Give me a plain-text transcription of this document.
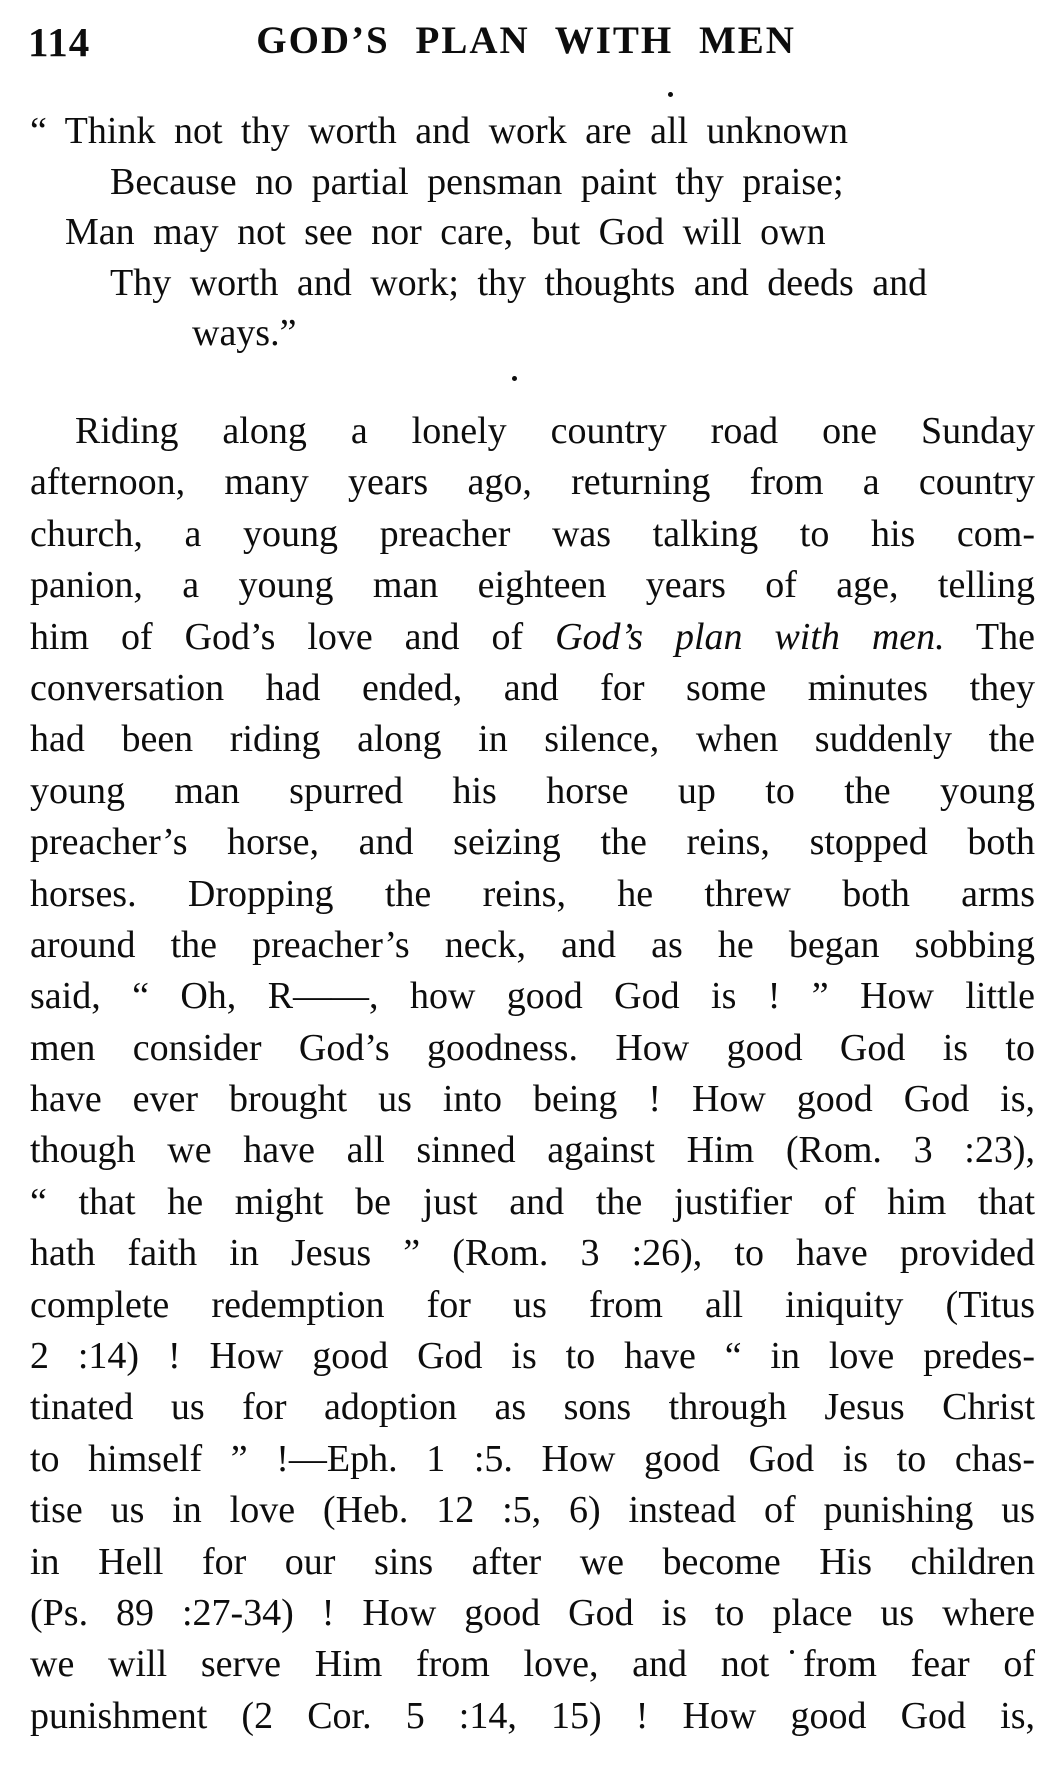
114	GOD’S PLAN WITH MEN
“ Think not thy worth and work are all unknown
Because no partial pensman paint thy praise;
Man may not see nor care, but God will own
Thy worth and work; thy thoughts and deeds and
ways.”
Riding along a lonely country road one Sunday
afternoon, many years ago, returning from a country
church, a young preacher was talking to his com-
panion, a young man eighteen years of age, telling
him of God’s love and of God’s plan with men. The
conversation had ended, and for some minutes they
had been riding along in silence, when suddenly the
young man spurred his horse up to the young
preacher’s horse, and seizing the reins, stopped both
horses. Dropping the reins, he threw both arms
around the preacher’s neck, and as he began sobbing
said, “ Oh, R——, how good God is ! ” How little
men consider God’s goodness. How good God is to
have ever brought us into being ! How good God is,
though we have all sinned against Him (Rom. 3 :23),
“ that he might be just and the justifier of him that
hath faith in Jesus ” (Rom. 3 :26), to have provided
complete redemption for us from all iniquity (Titus
2 :14) ! How good God is to have “ in love predes-
tinated us for adoption as sons through Jesus Christ
to himself ” !—Eph. 1 :5. How good God is to chas-
tise us in love (Heb. 12 :5, 6) instead of punishing us
in Hell for our sins after we become His children
(Ps. 89 :27-34) ! How good God is to place us where
we will serve Him from love, and not from fear of
punishment (2 Cor. 5 :14, 15) ! How good God is,
